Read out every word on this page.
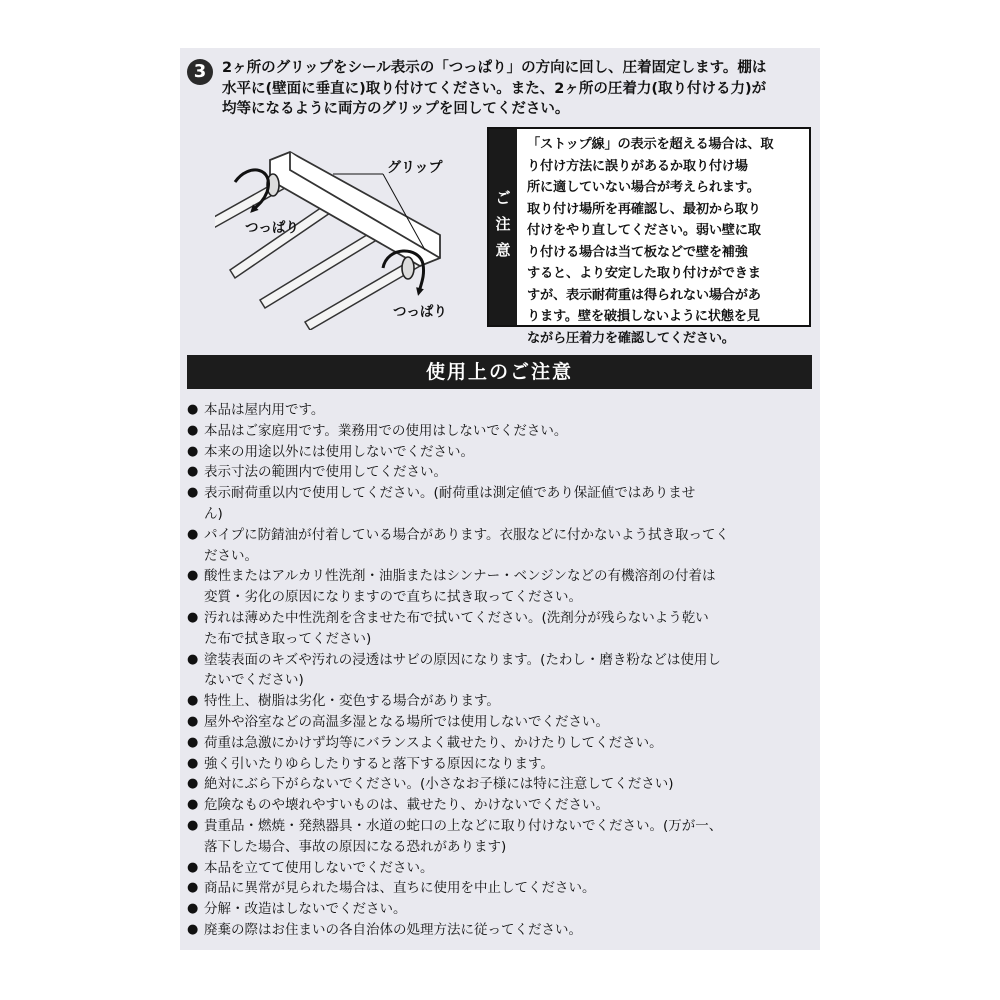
3	2ヶ所のグリップをシール表示の「つっぱり」の方向に回し、圧着固定します。棚は
水平に(壁面に垂直に)取り付けてください。また、2ヶ所の圧着力(取り付ける力)が
均等になるように両方のグリップを回してください。
グリップ
つっぱり
つっぱり
ご
注
意
「ストップ線」の表示を超える場合は、取
り付け方法に誤りがあるか取り付け場
所に適していない場合が考えられます。
取り付け場所を再確認し、最初から取り
付けをやり直してください。弱い壁に取
り付ける場合は当て板などで壁を補強
すると、より安定した取り付けができま
すが、表示耐荷重は得られない場合があ
ります。壁を破損しないように状態を見
ながら圧着力を確認してください。
使用上のご注意
● 本品は屋内用です。
● 本品はご家庭用です。業務用での使用はしないでください。
● 本来の用途以外には使用しないでください。
● 表示寸法の範囲内で使用してください。
● 表示耐荷重以内で使用してください。(耐荷重は測定値であり保証値ではありませ
ん)
● パイプに防錆油が付着している場合があります。衣服などに付かないよう拭き取ってく
ださい。
● 酸性またはアルカリ性洗剤・油脂またはシンナー・ベンジンなどの有機溶剤の付着は
変質・劣化の原因になりますので直ちに拭き取ってください。
● 汚れは薄めた中性洗剤を含ませた布で拭いてください。(洗剤分が残らないよう乾い
た布で拭き取ってください)
● 塗装表面のキズや汚れの浸透はサビの原因になります。(たわし・磨き粉などは使用し
ないでください)
● 特性上、樹脂は劣化・変色する場合があります。
● 屋外や浴室などの高温多湿となる場所では使用しないでください。
● 荷重は急激にかけず均等にバランスよく載せたり、かけたりしてください。
● 強く引いたりゆらしたりすると落下する原因になります。
● 絶対にぶら下がらないでください。(小さなお子様には特に注意してください)
● 危険なものや壊れやすいものは、載せたり、かけないでください。
● 貴重品・燃焼・発熱器具・水道の蛇口の上などに取り付けないでください。(万が一、
落下した場合、事故の原因になる恐れがあります)
● 本品を立てて使用しないでください。
● 商品に異常が見られた場合は、直ちに使用を中止してください。
● 分解・改造はしないでください。
● 廃棄の際はお住まいの各自治体の処理方法に従ってください。
